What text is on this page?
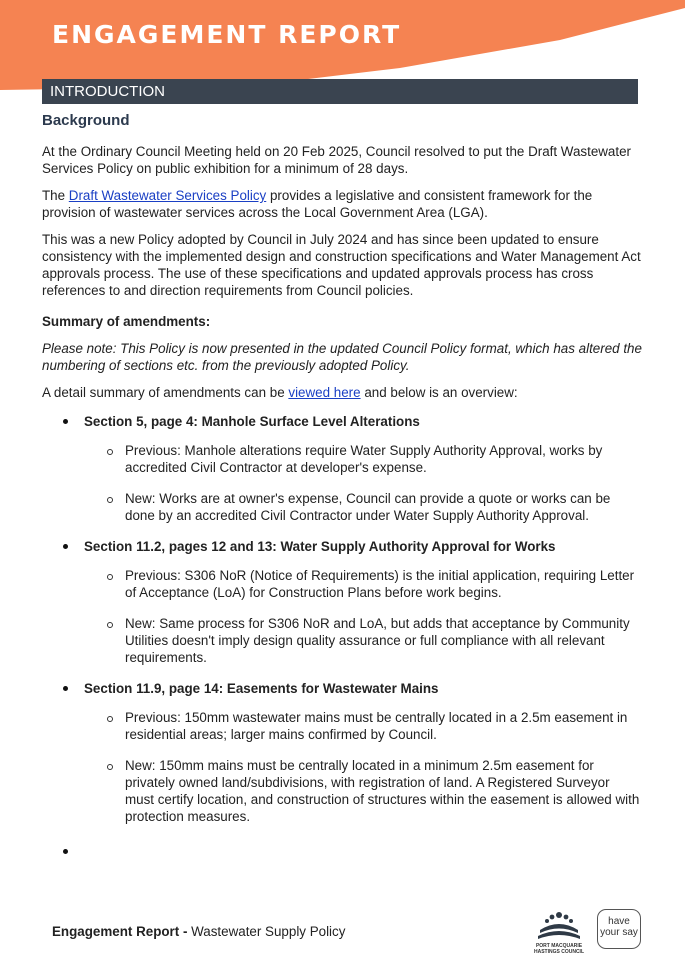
ENGAGEMENT REPORT
INTRODUCTION
Background

At the Ordinary Council Meeting held on 20 Feb 2025, Council resolved to put the Draft Wastewater Services Policy on public exhibition for a minimum of 28 days.

The Draft Wastewater Services Policy provides a legislative and consistent framework for the provision of wastewater services across the Local Government Area (LGA).

This was a new Policy adopted by Council in July 2024 and has since been updated to ensure consistency with the implemented design and construction specifications and Water Management Act approvals process. The use of these specifications and updated approvals process has cross references to and direction requirements from Council policies.

Summary of amendments:

Please note: This Policy is now presented in the updated Council Policy format, which has altered the numbering of sections etc. from the previously adopted Policy.

A detail summary of amendments can be viewed here and below is an overview:

Section 5, page 4: Manhole Surface Level Alterations
Previous: Manhole alterations require Water Supply Authority Approval, works by accredited Civil Contractor at developer's expense.
New: Works are at owner's expense, Council can provide a quote or works can be done by an accredited Civil Contractor under Water Supply Authority Approval.
Section 11.2, pages 12 and 13: Water Supply Authority Approval for Works
Previous: S306 NoR (Notice of Requirements) is the initial application, requiring Letter of Acceptance (LoA) for Construction Plans before work begins.
New: Same process for S306 NoR and LoA, but adds that acceptance by Community Utilities doesn't imply design quality assurance or full compliance with all relevant requirements.
Section 11.9, page 14: Easements for Wastewater Mains
Previous: 150mm wastewater mains must be centrally located in a 2.5m easement in residential areas; larger mains confirmed by Council.
New: 150mm mains must be centrally located in a minimum 2.5m easement for privately owned land/subdivisions, with registration of land. A Registered Surveyor must certify location, and construction of structures within the easement is allowed with protection measures.

Engagement Report - Wastewater Supply Policy
PORT MACQUARIE
HASTINGS COUNCIL
have
your say
